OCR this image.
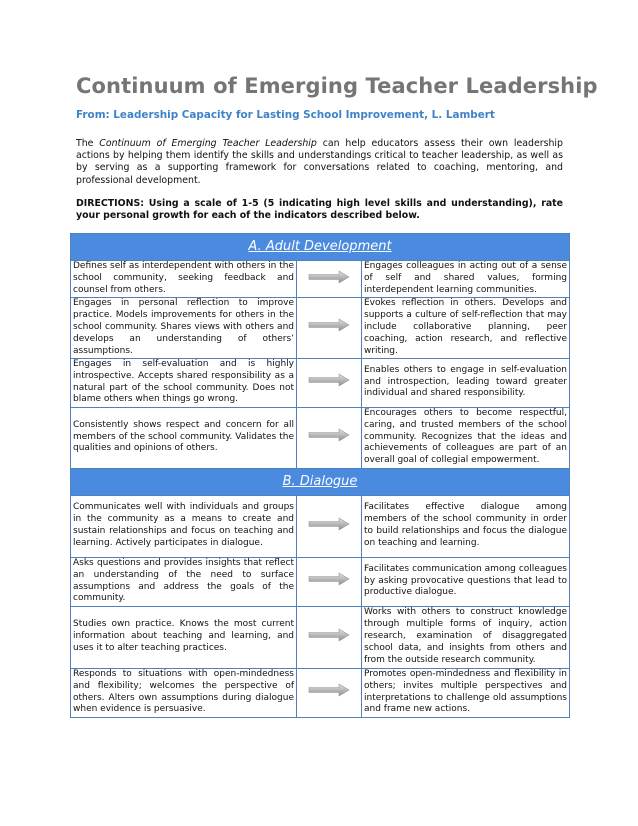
Continuum of Emerging Teacher Leadership
From: Leadership Capacity for Lasting School Improvement, L. Lambert
The Continuum of Emerging Teacher Leadership can help educators assess their own leadership actions by helping them identify the skills and understandings critical to teacher leadership, as well as by serving as a supporting framework for conversations related to coaching, mentoring, and professional development.
DIRECTIONS: Using a scale of 1-5 (5 indicating high level skills and understanding), rate your personal growth for each of the indicators described below.
A. Adult Development		
Defines self as interdependent with others in the school community, seeking feedback and counsel from others.		Engages colleagues in acting out of a sense of self and shared values, forming interdependent learning communities.
Engages in personal reflection to improve practice. Models improvements for others in the school community. Shares views with others and develops an understanding of others’ assumptions.		Evokes reflection in others. Develops and supports a culture of self-reflection that may include collaborative planning, peer coaching, action research, and reflective writing.
Engages in self-evaluation and is highly introspective. Accepts shared responsibility as a natural part of the school community. Does not blame others when things go wrong.		Enables others to engage in self-evaluation and introspection, leading toward greater individual and shared responsibility.
Consistently shows respect and concern for all members of the school community. Validates the qualities and opinions of others.		Encourages others to become respectful, caring, and trusted members of the school community. Recognizes that the ideas and achievements of colleagues are part of an overall goal of collegial empowerment.
B. Dialogue		
Communicates well with individuals and groups in the community as a means to create and sustain relationships and focus on teaching and learning. Actively participates in dialogue.		Facilitates effective dialogue among members of the school community in order to build relationships and focus the dialogue on teaching and learning.
Asks questions and provides insights that reflect an understanding of the need to surface assumptions and address the goals of the community.		Facilitates communication among colleagues by asking provocative questions that lead to productive dialogue.
Studies own practice. Knows the most current information about teaching and learning, and uses it to alter teaching practices.		Works with others to construct knowledge through multiple forms of inquiry, action research, examination of disaggregated school data, and insights from others and from the outside research community.
Responds to situations with open-mindedness and flexibility; welcomes the perspective of others. Alters own assumptions during dialogue when evidence is persuasive.		Promotes open-mindedness and flexibility in others; invites multiple perspectives and interpretations to challenge old assumptions and frame new actions.
